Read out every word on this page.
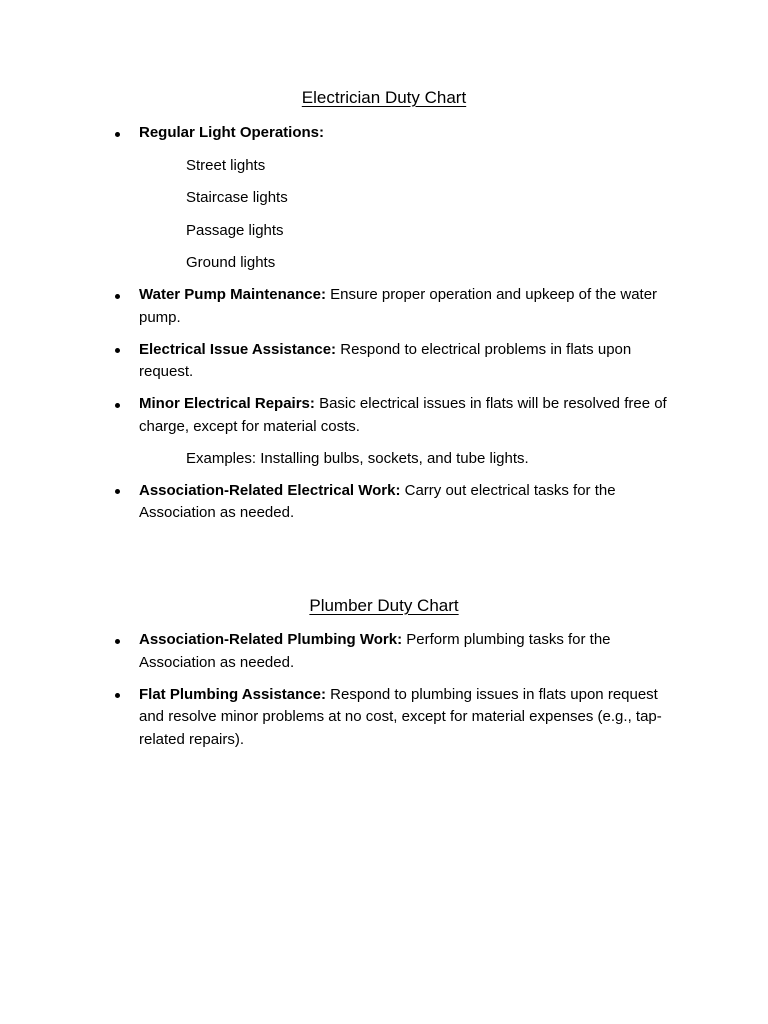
Electrician Duty Chart
Regular Light Operations:
Street lights
Staircase lights
Passage lights
Ground lights
Water Pump Maintenance: Ensure proper operation and upkeep of the water pump.
Electrical Issue Assistance: Respond to electrical problems in flats upon request.
Minor Electrical Repairs: Basic electrical issues in flats will be resolved free of charge, except for material costs.
Examples: Installing bulbs, sockets, and tube lights.
Association-Related Electrical Work: Carry out electrical tasks for the Association as needed.
Plumber Duty Chart
Association-Related Plumbing Work: Perform plumbing tasks for the Association as needed.
Flat Plumbing Assistance: Respond to plumbing issues in flats upon request and resolve minor problems at no cost, except for material expenses (e.g., tap-related repairs).
